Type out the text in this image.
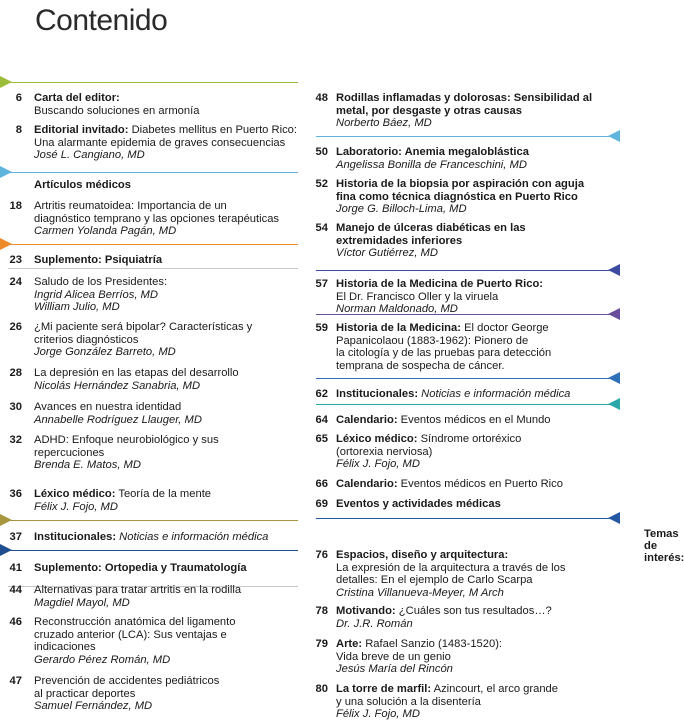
Contenido
6 Carta del editor:
Buscando soluciones en armonía
8 Editorial invitado: Diabetes mellitus en Puerto Rico:
Una alarmante epidemia de graves consecuencias
José L. Cangiano, MD
Artículos médicos
18 Artritis reumatoidea: Importancia de un
diagnóstico temprano y las opciones terapéuticas
Carmen Yolanda Pagán, MD
23 Suplemento: Psiquiatría
24 Saludo de los Presidentes:
Ingrid Alicea Berríos, MD
William Julio, MD
26 ¿Mi paciente será bipolar? Características y
criterios diagnósticos
Jorge González Barreto, MD
28 La depresión en las etapas del desarrollo
Nicolás Hernández Sanabria, MD
30 Avances en nuestra identidad
Annabelle Rodríguez Llauger, MD
32 ADHD: Enfoque neurobiológico y sus
repercuciones
Brenda E. Matos, MD
36 Léxico médico: Teoría de la mente
Félix J. Fojo, MD
37 Institucionales: Noticias e información médica
41 Suplemento: Ortopedia y Traumatología
44 Alternativas para tratar artritis en la rodilla
Magdiel Mayol, MD
46 Reconstrucción anatómica del ligamento
cruzado anterior (LCA): Sus ventajas e
indicaciones
Gerardo Pérez Román, MD
47 Prevención de accidentes pediátricos
al practicar deportes
Samuel Fernández, MD
48 Rodillas inflamadas y dolorosas: Sensibilidad al
metal, por desgaste y otras causas
Norberto Báez, MD
50 Laboratorio: Anemia megaloblástica
Angelissa Bonilla de Franceschini, MD
52 Historia de la biopsia por aspiración con aguja
fina como técnica diagnóstica en Puerto Rico
Jorge G. Billoch-Lima, MD
54 Manejo de úlceras diabéticas en las
extremidades inferiores
Víctor Gutiérrez, MD
57 Historia de la Medicina de Puerto Rico:
El Dr. Francisco Oller y la viruela
Norman Maldonado, MD
59 Historia de la Medicina: El doctor George
Papanicolaou (1883-1962): Pionero de
la citología y de las pruebas para detección
temprana de sospecha de cáncer.
62 Institucionales: Noticias e información médica
64 Calendario: Eventos médicos en el Mundo
65 Léxico médico: Síndrome ortoréxico
(ortorexia nerviosa)
Félix J. Fojo, MD
66 Calendario: Eventos médicos en Puerto Rico
69 Eventos y actividades médicas
Temas de interés:
76 Espacios, diseño y arquitectura:
La expresión de la arquitectura a través de los
detalles: En el ejemplo de Carlo Scarpa
Cristina Villanueva-Meyer, M Arch
78 Motivando: ¿Cuáles son tus resultados…?
Dr. J.R. Román
79 Arte: Rafael Sanzio (1483-1520):
Vida breve de un genio
Jesús María del Rincón
80 La torre de marfil: Azincourt, el arco grande
y una solución a la disentería
Félix J. Fojo, MD
